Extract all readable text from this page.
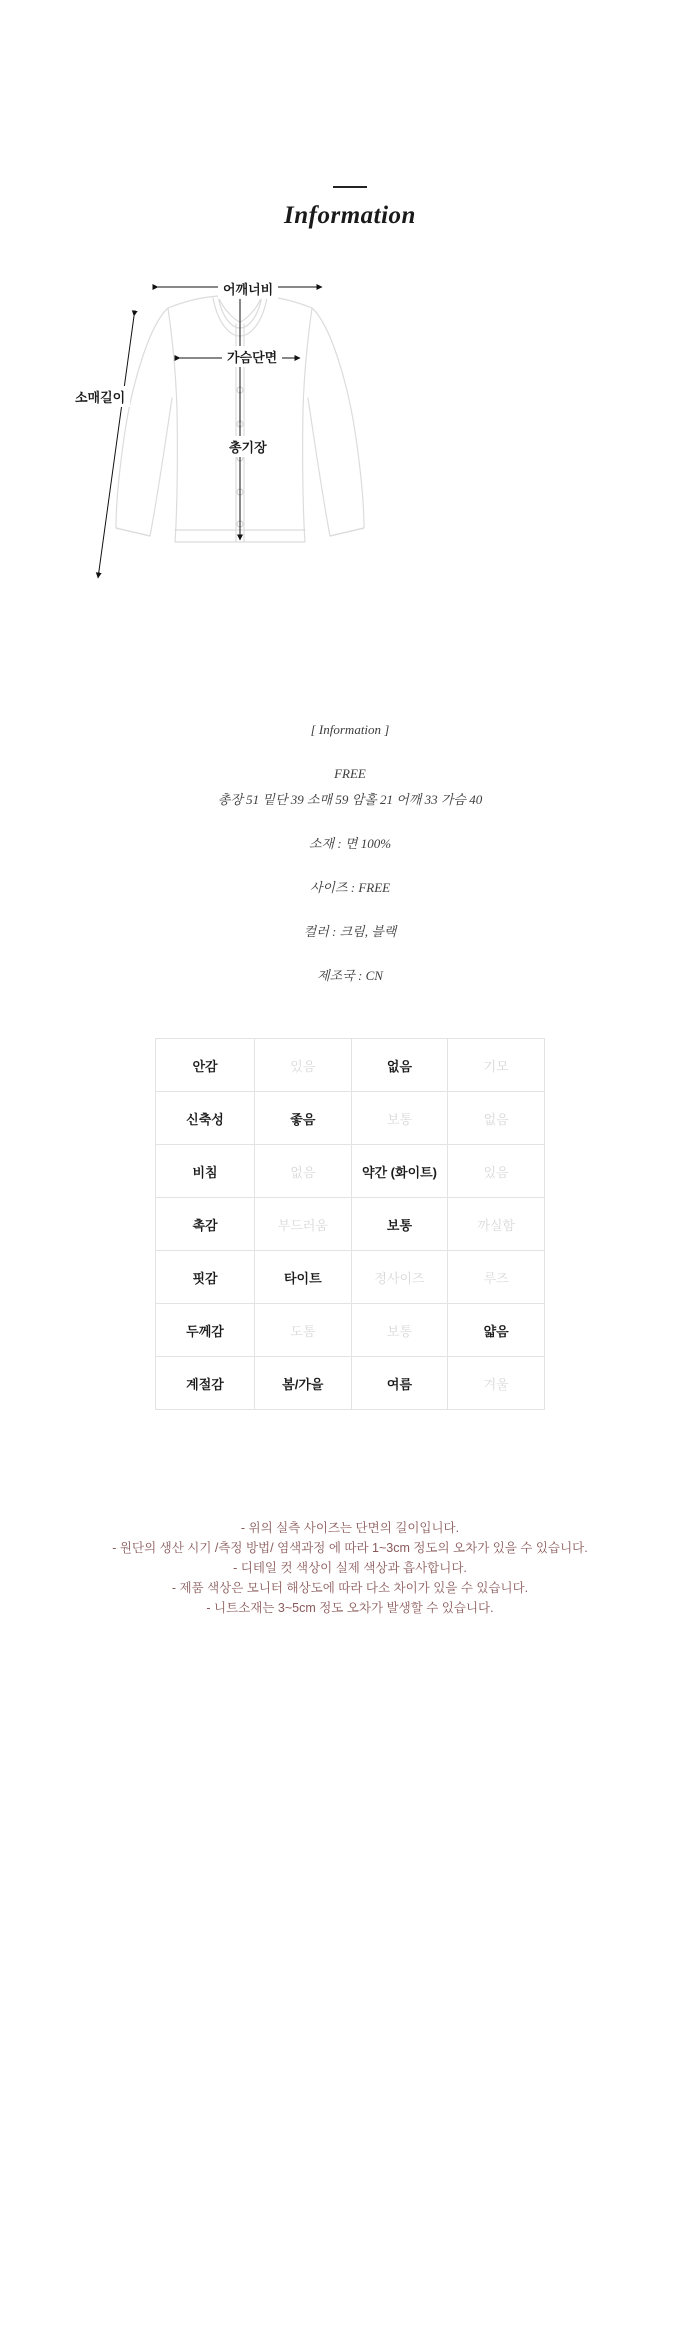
Information
어깨너비
가슴단면
총기장
소매길이
[ Information ]
FREE
총장 51 밑단 39 소매 59 암홀 21 어깨 33 가슴 40
소재 : 면 100%
사이즈 : FREE
컬러 : 크림, 블랙
제조국 : CN
안감	있음	없음	기모
신축성	좋음	보통	없음
비침	없음	약간 (화이트)	있음
촉감	부드러움	보통	까실함
핏감	타이트	정사이즈	루즈
두께감	도톰	보통	얇음
계절감	봄/가을	여름	겨울
- 위의 실측 사이즈는 단면의 길이입니다.
- 원단의 생산 시기 /측정 방법/ 염색과정 에 따라 1~3cm 정도의 오차가 있을 수 있습니다.
- 디테일 컷 색상이 실제 색상과 흡사합니다.
- 제품 색상은 모니터 해상도에 따라 다소 차이가 있을 수 있습니다.
- 니트소재는 3~5cm 정도 오차가 발생할 수 있습니다.
